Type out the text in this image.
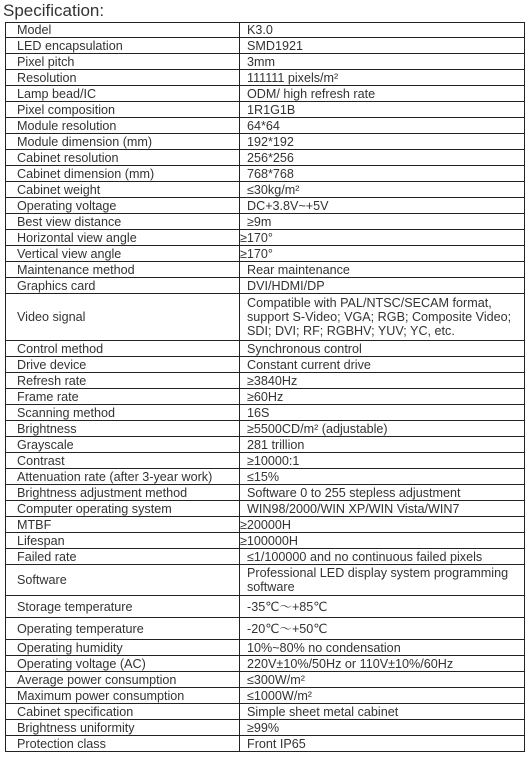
Specification:
Model	K3.0
LED encapsulation	SMD1921
Pixel pitch	3mm
Resolution	111111 pixels/m²
Lamp bead/IC	ODM/ high refresh rate
Pixel composition	1R1G1B
Module resolution	64*64
Module dimension (mm)	192*192
Cabinet resolution	256*256
Cabinet dimension (mm)	768*768
Cabinet weight	≤30kg/m²
Operating voltage	DC+3.8V~+5V
Best view distance	≥9m
Horizontal view angle	≥170°
Vertical view angle	≥170°
Maintenance method	Rear maintenance
Graphics card	DVI/HDMI/DP
Video signal	Compatible with PAL/NTSC/SECAM format, support S-Video; VGA; RGB; Composite Video; SDI; DVI; RF; RGBHV; YUV; YC, etc.
Control method	Synchronous control
Drive device	Constant current drive
Refresh rate	≥3840Hz
Frame rate	≥60Hz
Scanning method	16S
Brightness	≥5500CD/m² (adjustable)
Grayscale	281 trillion
Contrast	≥10000:1
Attenuation rate (after 3-year work)	≤15%
Brightness adjustment method	Software 0 to 255 stepless adjustment
Computer operating system	WIN98/2000/WIN XP/WIN Vista/WIN7
MTBF	≥20000H
Lifespan	≥100000H
Failed rate	≤1/100000 and no continuous failed pixels
Software	Professional LED display system programming software
Storage temperature	-35℃～+85℃
Operating temperature	-20℃～+50℃
Operating humidity	10%~80% no condensation
Operating voltage (AC)	220V±10%/50Hz or 110V±10%/60Hz
Average power consumption	≤300W/m²
Maximum power consumption	≤1000W/m²
Cabinet specification	Simple sheet metal cabinet
Brightness uniformity	≥99%
Protection class	Front IP65
